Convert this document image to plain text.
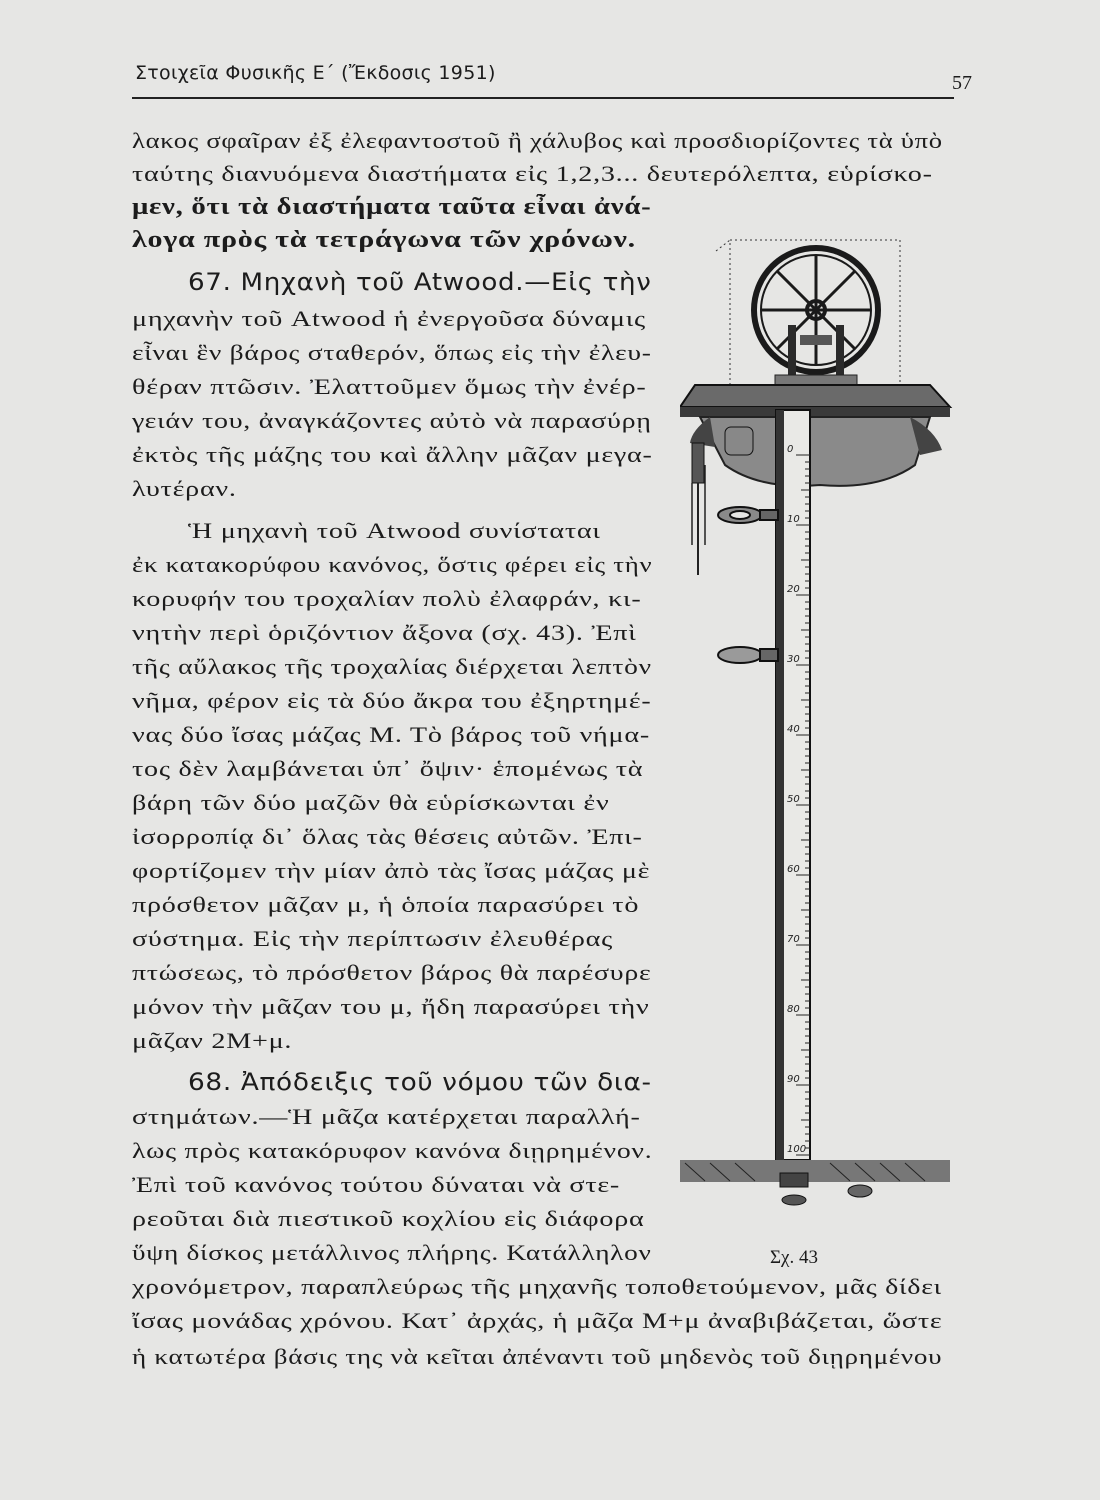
Στοιχεῖα Φυσικῆς Ε΄ (Ἔκδοσις 1951)	57
λακος σφαῖραν ἐξ ἐλεφαντοστοῦ ἢ χάλυβος καὶ προσδιορίζοντες τὰ ὑπὸ
ταύτης διανυόμενα διαστήματα εἰς 1,2,3... δευτερόλεπτα, εὑρίσκο-
μεν, ὅτι τὰ διαστήματα ταῦτα εἶναι ἀνά-
λογα πρὸς τὰ τετράγωνα τῶν χρόνων.
67. Μηχανὴ τοῦ Atwood.—Εἰς τὴν
μηχανὴν τοῦ Atwood ἡ ἐνεργοῦσα δύναμις
εἶναι ἓν βάρος σταθερόν, ὅπως εἰς τὴν ἐλευ-
θέραν πτῶσιν. Ἐλαττοῦμεν ὅμως τὴν ἐνέρ-
γειάν του, ἀναγκάζοντες αὐτὸ νὰ παρασύρῃ
ἐκτὸς τῆς μάζης του καὶ ἄλλην μᾶζαν μεγα-
λυτέραν.
Ἡ μηχανὴ τοῦ Atwood συνίσταται
ἐκ κατακορύφου κανόνος, ὅστις φέρει εἰς τὴν
κορυφήν του τροχαλίαν πολὺ ἐλαφράν, κι-
νητὴν περὶ ὁριζόντιον ἄξονα (σχ. 43). Ἐπὶ
τῆς αὔλακος τῆς τροχαλίας διέρχεται λεπτὸν
νῆμα, φέρον εἰς τὰ δύο ἄκρα του ἐξηρτημέ-
νας δύο ἴσας μάζας Μ. Τὸ βάρος τοῦ νήμα-
τος δὲν λαμβάνεται ὑπ᾿ ὄψιν· ἑπομένως τὰ
βάρη τῶν δύο μαζῶν θὰ εὑρίσκωνται ἐν
ἰσορροπίᾳ δι᾿ ὅλας τὰς θέσεις αὐτῶν. Ἐπι-
φορτίζομεν τὴν μίαν ἀπὸ τὰς ἴσας μάζας μὲ
πρόσθετον μᾶζαν μ, ἡ ὁποία παρασύρει τὸ
σύστημα. Εἰς τὴν περίπτωσιν ἐλευθέρας
πτώσεως, τὸ πρόσθετον βάρος θὰ παρέσυρε
μόνον τὴν μᾶζαν του μ, ἤδη παρασύρει τὴν
μᾶζαν 2Μ+μ.
68. Ἀπόδειξις τοῦ νόμου τῶν δια-
στημάτων.—Ἡ μᾶζα κατέρχεται παραλλή-
λως πρὸς κατακόρυφον κανόνα διῃρημένον.
Ἐπὶ τοῦ κανόνος τούτου δύναται νὰ στε-
ρεοῦται διὰ πιεστικοῦ κοχλίου εἰς διάφορα
ὕψη δίσκος μετάλλινος πλήρης. Κατάλληλον
χρονόμετρον, παραπλεύρως τῆς μηχανῆς τοποθετούμενον, μᾶς δίδει
ἴσας μονάδας χρόνου. Κατ᾿ ἀρχάς, ἡ μᾶζα Μ+μ ἀναβιβάζεται, ὥστε
ἡ κατωτέρα βάσις της νὰ κεῖται ἀπέναντι τοῦ μηδενὸς τοῦ διῃρημένου
0
10
20
30
40
50
60
70
80
90
100
Σχ. 43
